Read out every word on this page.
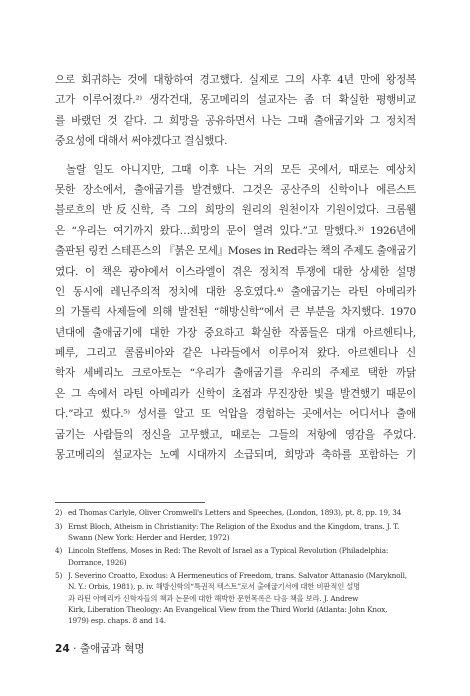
으로 회귀하는 것에 대항하여 경고했다. 실제로 그의 사후 4년 만에 왕정복
고가 이루어졌다.²⁾ 생각건대, 몽고메리의 설교자는 좀 더 확실한 평행비교
를 바랬던 것 같다. 그 희망을 공유하면서 나는 그때 출애굽기와 그 정치적
중요성에 대해서 써야겠다고 결심했다.
놀랄 일도 아니지만, 그때 이후 나는 거의 모든 곳에서, 때로는 예상치
못한 장소에서, 출애굽기를 발견했다. 그것은 공산주의 신학이나 에른스트
블로흐의 반反신학, 즉 그의 희망의 원리의 원천이자 기원이었다. 크롬웰
은 “우리는 여기까지 왔다…희망의 문이 열려 있다.”고 말했다.³⁾ 1926년에
출판된 링컨 스테픈스의 『붉은 모세』Moses in Red라는 책의 주제도 출애굽기
였다. 이 책은 광야에서 이스라엘이 겪은 정치적 투쟁에 대한 상세한 설명
인 동시에 레닌주의적 정치에 대한 옹호였다.⁴⁾ 출애굽기는 라틴 아메리카
의 가톨릭 사제들에 의해 발전된 “해방신학”에서 큰 부분을 차지했다. 1970
년대에 출애굽기에 대한 가장 중요하고 확실한 작품들은 대개 아르헨티나,
페루, 그리고 콜롬비아와 같은 나라들에서 이루어져 왔다. 아르헨티나 신
학자 세베리노 크로아토는 “우리가 출애굽기를 우리의 주제로 택한 까닭
은 그 속에서 라틴 아메리카 신학이 초점과 무진장한 빛을 발견했기 때문이
다.”라고 썼다.⁵⁾ 성서를 알고 또 억압을 경험하는 곳에서는 어디서나 출애
굽기는 사람들의 정신을 고무했고, 때로는 그들의 저항에 영감을 주었다.
몽고메리의 설교자는 노예 시대까지 소급되며, 희망과 축하를 포함하는 기
2) ed Thomas Carlyle, Oliver Cromwell's Letters and Speeches, (London, 1893), pt. 8, pp. 19, 34
3) Ernst Bloch, Atheism in Christianity: The Religion of the Exodus and the Kingdom, trans. J. T.
Swann (New York: Herder and Herder, 1972)
4) Lincoln Steffens, Moses in Red: The Revolt of Israel as a Typical Revolution (Philadelphia:
Dorrance, 1926)
5) J. Severino Croatto, Exodus: A Hermeneutics of Freedom, trans. Salvator Attanasio (Maryknoll,
N. Y.: Orbis, 1981), p. iv. 해방신학의“특권적 텍스트”로서 출애굽기서에 대한 비판적인 설명
과 라틴 아메리카 신학자들의 책과 논문에 대한 해박한 문헌목록은 다음 책을 보라. J. Andrew
Kirk, Liberation Theology: An Evangelical View from the Third World (Atlanta: John Knox,
1979) esp. chaps. 8 and 14.
24 · 출애굽과 혁명
